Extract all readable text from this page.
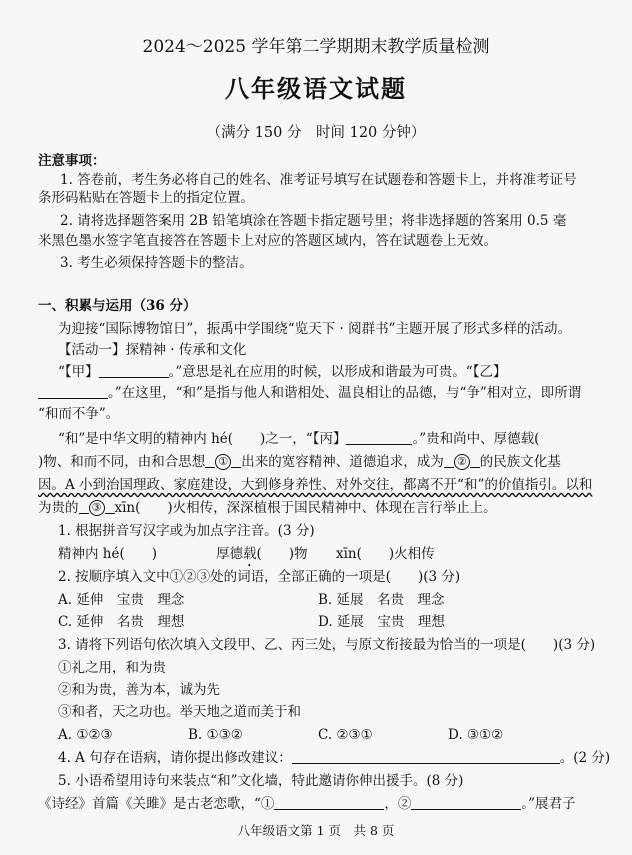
2024～2025 学年第二学期期末教学质量检测
八年级语文试题
（满分 150 分　时间 120 分钟）
注意事项：
1. 答卷前，考生务必将自己的姓名、准考证号填写在试题卷和答题卡上，并将准考证号
条形码粘贴在答题卡上的指定位置。
2. 请将选择题答案用 2B 铅笔填涂在答题卡指定题号里；将非选择题的答案用 0.5 毫
米黑色墨水签字笔直接答在答题卡上对应的答题区域内，答在试题卷上无效。
3. 考生必须保持答题卡的整洁。
一、积累与运用（36 分）
为迎接“国际博物馆日”，振禹中学围绕“览天下 · 阅群书”主题开展了形式多样的活动。
【活动一】探精神 · 传承和文化
“【甲】	。”意思是礼在应用的时候，以形成和谐最为可贵。“【乙】
。”在这里，“和”是指与他人和谐相处、温良相让的品德，与“争”相对立，即所谓
“和而不争”。
“和”是中华文明的精神内 hé(　　)之一，“【丙】	。”贵和尚中、厚德载(
)物、和而不同，由和合思想 ① 出来的宽容精神、道德追求，成为 ② 的民族文化基
因。A 小到治国理政、家庭建设，大到修身养性、对外交往，都离不开“和”的价值指引。以和
为贵的 ③ xīn(　　)火相传，深深植根于国民精神中、体现在言行举止上。
1. 根据拼音写汉字或为加点字注音。(3 分)
精神内 hé(　　)	厚德载(　　)物 xīn(　　)火相传
2. 按顺序填入文中①②③处的词语，全部正确的一项是(　　)(3 分)
A. 延伸　宝贵　理念	B. 延展　名贵　理念
C. 延伸　名贵　理想	D. 延展　宝贵　理想
3. 请将下列语句依次填入文段甲、乙、丙三处，与原文衔接最为恰当的一项是(　　)(3 分)
①礼之用，和为贵
②和为贵，善为本，诚为先
③和者，天之功也。举天地之道而美于和
A. ①②③	B. ①③②	C. ②③①	D. ③①②
4. A 句存在语病，请你提出修改建议：	。(2 分)
5. 小语希望用诗句来装点“和”文化墙，特此邀请你伸出援手。(8 分)
《诗经》首篇《关雎》是古老恋歌，“①	，②	。”展君子
八年级语文第 1 页　共 8 页
